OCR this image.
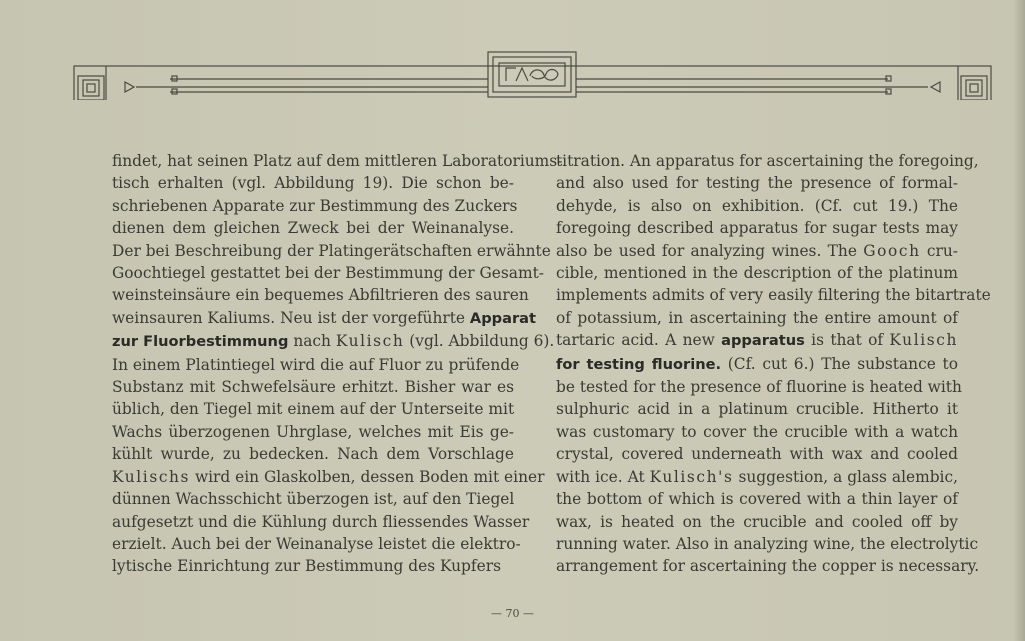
findet, hat seinen Platz auf dem mittleren Laboratoriums-
tisch erhalten (vgl. Abbildung 19). Die schon be-
schriebenen Apparate zur Bestimmung des Zuckers
dienen dem gleichen Zweck bei der Weinanalyse.
Der bei Beschreibung der Platingerätschaften erwähnte
Goochtiegel gestattet bei der Bestimmung der Gesamt-
weinsteinsäure ein bequemes Abfiltrieren des sauren
weinsauren Kaliums. Neu ist der vorgeführte Apparat
zur Fluorbestimmung nach Kulisch (vgl. Abbildung 6).
In einem Platintiegel wird die auf Fluor zu prüfende
Substanz mit Schwefelsäure erhitzt. Bisher war es
üblich, den Tiegel mit einem auf der Unterseite mit
Wachs überzogenen Uhrglase, welches mit Eis ge-
kühlt wurde, zu bedecken. Nach dem Vorschlage
Kulischs wird ein Glaskolben, dessen Boden mit einer
dünnen Wachsschicht überzogen ist, auf den Tiegel
aufgesetzt und die Kühlung durch fliessendes Wasser
erzielt. Auch bei der Weinanalyse leistet die elektro-
lytische Einrichtung zur Bestimmung des Kupfers
titration. An apparatus for ascertaining the foregoing,
and also used for testing the presence of formal-
dehyde, is also on exhibition. (Cf. cut 19.) The
foregoing described apparatus for sugar tests may
also be used for analyzing wines. The Gooch cru-
cible, mentioned in the description of the platinum
implements admits of very easily filtering the bitartrate
of potassium, in ascertaining the entire amount of
tartaric acid. A new apparatus is that of Kulisch
for testing fluorine. (Cf. cut 6.) The substance to
be tested for the presence of fluorine is heated with
sulphuric acid in a platinum crucible. Hitherto it
was customary to cover the crucible with a watch
crystal, covered underneath with wax and cooled
with ice. At Kulisch's suggestion, a glass alembic,
the bottom of which is covered with a thin layer of
wax, is heated on the crucible and cooled off by
running water. Also in analyzing wine, the electrolytic
arrangement for ascertaining the copper is necessary.
— 70 —
